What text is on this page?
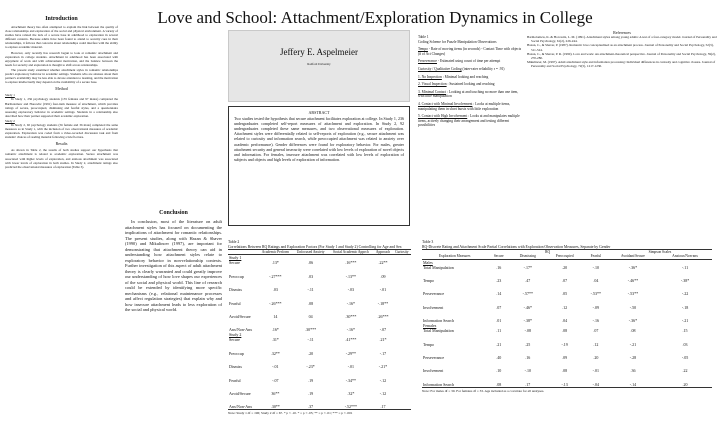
Love and School: Attachment/Exploration Dynamics in College
Introduction

Attachment theory has often attempted to explain the link between the quality of close relationships and exploration of the social and physical environment. A variety of studies have related the lack of a secure base in adulthood to exploration in several different contexts. Because adults have been found to attend to security cues in their relationships, it follows that concerns about relationships could interfere with the ability to explore academic material.

However, only recently has research begun to look at romantic attachment and exploration in college students. Attachment in adulthood has been associated with enjoyment of work and with achievement motivation, and the balance between the needs for security and exploration is thought to shift across relationships.

The present study examined whether attachment styles in romantic relationships predict exploratory behavior in academic settings. Students who are anxious about their partner's availability may be less able to devote attention to learning, and the motivation to explore intellectually may depend on the availability of a secure base.

Method
Study 1

In Study 1, 236 psychology students (135 females and 97 males) completed the Bartholomew and Horowitz (1991) four-item measure of attachment, which provides ratings of secure, preoccupied, dismissing and fearful styles, and a questionnaire assessing exploratory behavior in academic settings. Students in a relationship also described how their partner supported their academic exploration.

Study 2

In Study 2, 92 psychology students (56 female and 36 male) completed the same measures as in Study 1, with the inclusion of two observational measures of academic exploration. Exploration was coded from a video-recorded discussion task and from students' choices of reading material following a brief lecture.

Results

As shown in Table 2, the results of both studies support our hypothesis that romantic attachment is related to academic exploration. Secure attachment was associated with higher levels of exploration, and anxious attachment was associated with lower levels of exploration in both studies. In Study 2, attachment ratings also predicted the observational measures of exploration (Table 3).

Conclusion

In conclusion, most of the literature on adult attachment styles has focused on documenting the implications of attachment for romantic relationships. The present studies, along with Hazan & Shaver (1990) and Mikulincer (1997), are important for demonstrating that attachment theory can aid in understanding how attachment styles relate to exploratory behavior in non-relationship contexts. Further investigation of this aspect of adult attachment theory is clearly warranted and could greatly improve our understanding of how love shapes our experiences of the social and physical world. This line of research could be extended by identifying more specific mechanisms (e.g., relational maintenance processes and affect regulation strategies) that explain why and how insecure attachment leads to less exploration of the social and physical world.

Jeffery E. Aspelmeier
Radford University
ABSTRACT
Two studies tested the hypothesis that secure attachment facilitates exploration at college. In Study 1, 236 undergraduates completed self-report measures of attachment and exploration. In Study 2, 92 undergraduates completed these same measures, and two observational measures of exploration. Attachment styles were differentially related to self-reports of exploration (e.g., secure attachment was related to curiosity and information search, while preoccupied attachment was related to anxiety over academic performance). Gender differences were found for exploratory behavior. For males, greater attachment security and general insecurity were correlated with low levels of exploration of novel objects and information. For females, insecure attachment was correlated with low levels of exploration of subjects and objects and high levels of exploration of information.
Table 1
Coding Scheme for Puzzle Manipulation Observations
Tempo - Rate of moving items (in seconds) - Contact Time with objects (# of Act Changes)
Perseverance - Estimated using count of time per attempt
Curiosity / Qualitative Coding (inter-rater reliability r = .91)
1. No Inspection : Minimal looking and reaching
2. Visual Inspection : Sustained looking and reaching
3. Minimal Contact : Looking at and touching no more than one item, with little manipulation
4. Contact with Minimal Involvement : Looks at multiple items, manipulating them in short bursts with little exploration
5. Contact with High Involvement : Looks at and manipulates multiple items, actively changing their arrangement and testing different possibilities
References

Bartholomew, K. & Horowitz, L. M. (1991). Attachment styles among young adults: A test of a four-category model. Journal of Personality and Social Psychology, 61(2), 226-244.

Hazan, C., & Shaver, P. (1987). Romantic love conceptualized as an attachment process. Journal of Personality and Social Psychology, 52(3), 511-524.

Hazan, C., & Shaver, P. R. (1990). Love and work: An attachment-theoretical perspective. Journal of Personality and Social Psychology, 59(2), 270-280.

Mikulincer, M. (1997). Adult attachment style and information processing: Individual differences in curiosity and cognitive closure. Journal of Personality and Social Psychology, 72(5), 1217-1230.

Table 2
Correlations Between RQ Ratings and Exploration Factors (For Study 1 and Study 2) Controlling for Age and Sex
	Academic Perform	Unfocused Anxiety	Social Academic Apprch	Approach	Curiosity
Study 1					
Secure	.13*	.06	.16***	.22**	

Preoccup	-.27***	.03	-.13**	.09	

Dismiss	.03	-.11	-.03	-.01	

Fearful	-.26***	.08	-.16*	-.18**	

Avoid/Secure	14	04	.30***	.26***	

Anx/Non-Anx	.16*	.30***	-.16*	-.07	
Study 2					
Secure	.31*	-.11	.41***	.21*	

Preoccup	.32**	.20	-.29**	-.17	

Dismiss	-.01	-.23*	-.01	-.21*	

Fearful	-.07	.19	-.34**	-.12	

Avoid/Secure	36**	.19	.32*	-.12	

Anx/Non-Anx	.30**	.37	-.52***	.17	
Note: Study 1 df = 196; Study 2 df = 67. * p < .10. * = p < .05; ** = p < .01; *** = p < .001
Table 3
RQ-Discrete Rating and Attachment Scale Partial Correlations with Exploration Observation Measures, Separate by Gender
	RQ				Simpson Scales	
Exploration Measures	Secure	Dismissing	Preoccupied	Fearful	Avoidant/Secure	Anxious/Non-anx
Males						
Total Manipulation	.16	-.17*	.20	-.10	-.36*	-.11

Tempo	.23	.47	.07	.04	-.46**	-.38*

Perseverance	.14	-.57**	.05	-.53**	-.53**	-.22

Involvement	.07	-.46*	.12	-.09	-.50	-.18

Information Search	.01	-.38*	.04	-.16	-.36*	-.21
Females						
Total Manipulation	.11	-.08	.08	.07	.08	.15

Tempo	.21	.25	-.19	.12	-.21	.03

Perseverance	.40	.16	.09	.20	-.28	-.05

Involvement	.10	-.10	.08	-.01	.36	.22

Information Search	.08	.17	-.13	-.04	-.14	.20
Note: For males df = 30. For females df = 33. Age included as a covariate for all analyses.
